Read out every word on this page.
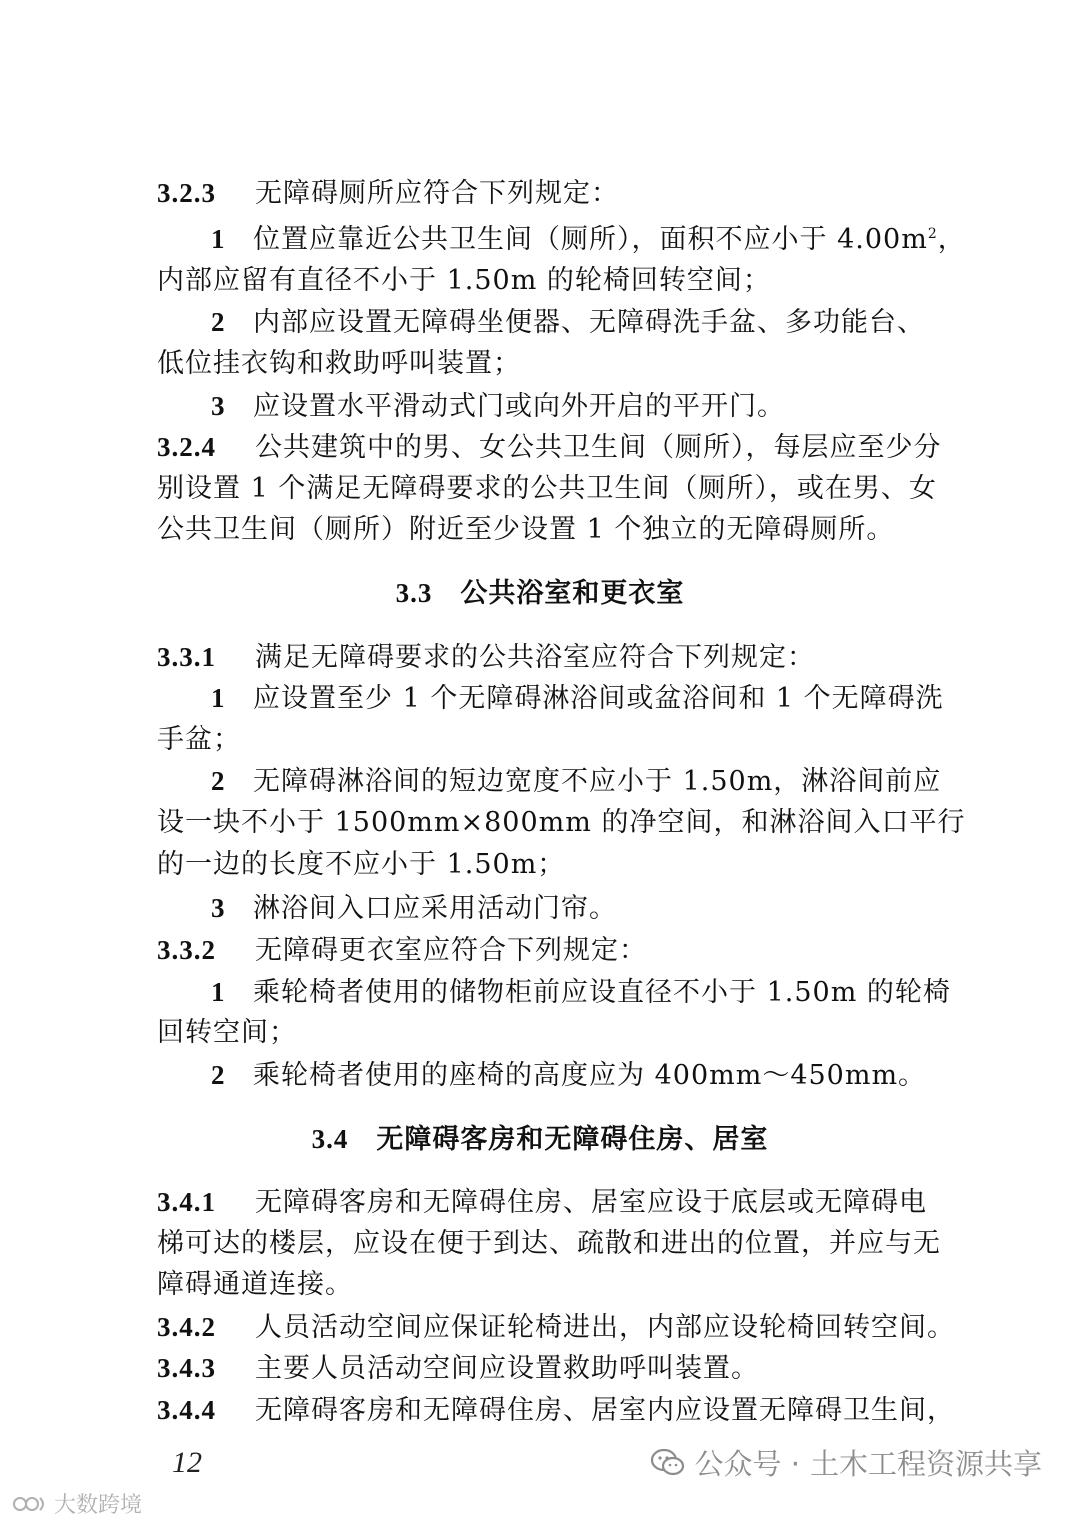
3.2.3 无障碍厕所应符合下列规定：
1 位置应靠近公共卫生间（厕所），面积不应小于 $4.00m^2$，
内部应留有直径不小于 1.50m 的轮椅回转空间；
2 内部应设置无障碍坐便器、无障碍洗手盆、多功能台、
低位挂衣钩和救助呼叫装置；
3 应设置水平滑动式门或向外开启的平开门。
3.2.4 公共建筑中的男、女公共卫生间（厕所），每层应至少分
别设置 1 个满足无障碍要求的公共卫生间（厕所），或在男、女
公共卫生间（厕所）附近至少设置 1 个独立的无障碍厕所。
3.3 公共浴室和更衣室
3.3.1 满足无障碍要求的公共浴室应符合下列规定：
1 应设置至少 1 个无障碍淋浴间或盆浴间和 1 个无障碍洗
手盆；
2 无障碍淋浴间的短边宽度不应小于 1.50m，淋浴间前应
设一块不小于 1500mm×800mm 的净空间，和淋浴间入口平行
的一边的长度不应小于 1.50m；
3 淋浴间入口应采用活动门帘。
3.3.2 无障碍更衣室应符合下列规定：
1 乘轮椅者使用的储物柜前应设直径不小于 1.50m 的轮椅
回转空间；
2 乘轮椅者使用的座椅的高度应为 400mm～450mm。
3.4 无障碍客房和无障碍住房、居室
3.4.1 无障碍客房和无障碍住房、居室应设于底层或无障碍电
梯可达的楼层，应设在便于到达、疏散和进出的位置，并应与无
障碍通道连接。
3.4.2 人员活动空间应保证轮椅进出，内部应设轮椅回转空间。
3.4.3 主要人员活动空间应设置救助呼叫装置。
3.4.4 无障碍客房和无障碍住房、居室内应设置无障碍卫生间，
12	公众号 · 土木工程资源共享
大数跨境
